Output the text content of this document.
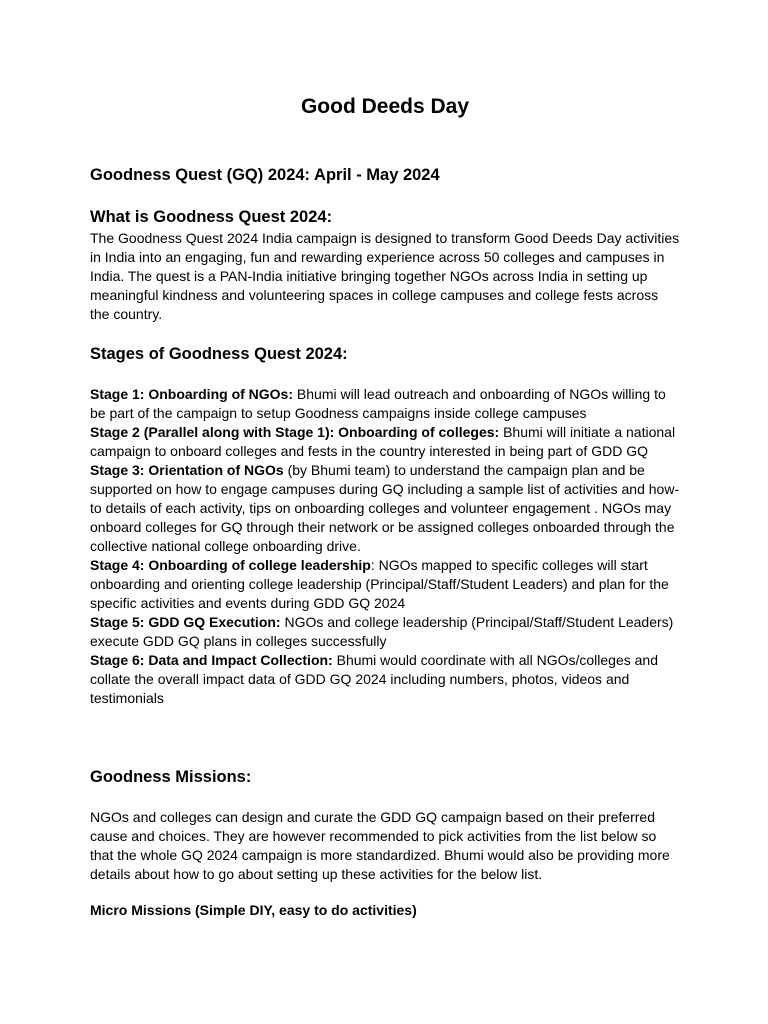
Good Deeds Day
Goodness Quest (GQ) 2024: April - May 2024
What is Goodness Quest 2024:

The Goodness Quest 2024 India campaign is designed to transform Good Deeds Day activities in India into an engaging, fun and rewarding experience across 50 colleges and campuses in India. The quest is a PAN-India initiative bringing together NGOs across India in setting up meaningful kindness and volunteering spaces in college campuses and college fests across the country.

Stages of Goodness Quest 2024:

Stage 1: Onboarding of NGOs: Bhumi will lead outreach and onboarding of NGOs willing to be part of the campaign to setup Goodness campaigns inside college campuses

Stage 2 (Parallel along with Stage 1): Onboarding of colleges: Bhumi will initiate a national campaign to onboard colleges and fests in the country interested in being part of GDD GQ

Stage 3: Orientation of NGOs (by Bhumi team) to understand the campaign plan and be supported on how to engage campuses during GQ including a sample list of activities and how-to details of each activity, tips on onboarding colleges and volunteer engagement . NGOs may onboard colleges for GQ through their network or be assigned colleges onboarded through the collective national college onboarding drive.

Stage 4: Onboarding of college leadership: NGOs mapped to specific colleges will start onboarding and orienting college leadership (Principal/Staff/Student Leaders) and plan for the specific activities and events during GDD GQ 2024

Stage 5: GDD GQ Execution: NGOs and college leadership (Principal/Staff/Student Leaders) execute GDD GQ plans in colleges successfully

Stage 6: Data and Impact Collection: Bhumi would coordinate with all NGOs/colleges and collate the overall impact data of GDD GQ 2024 including numbers, photos, videos and testimonials

Goodness Missions:

NGOs and colleges can design and curate the GDD GQ campaign based on their preferred cause and choices. They are however recommended to pick activities from the list below so that the whole GQ 2024 campaign is more standardized. Bhumi would also be providing more details about how to go about setting up these activities for the below list.

Micro Missions (Simple DIY, easy to do activities)
